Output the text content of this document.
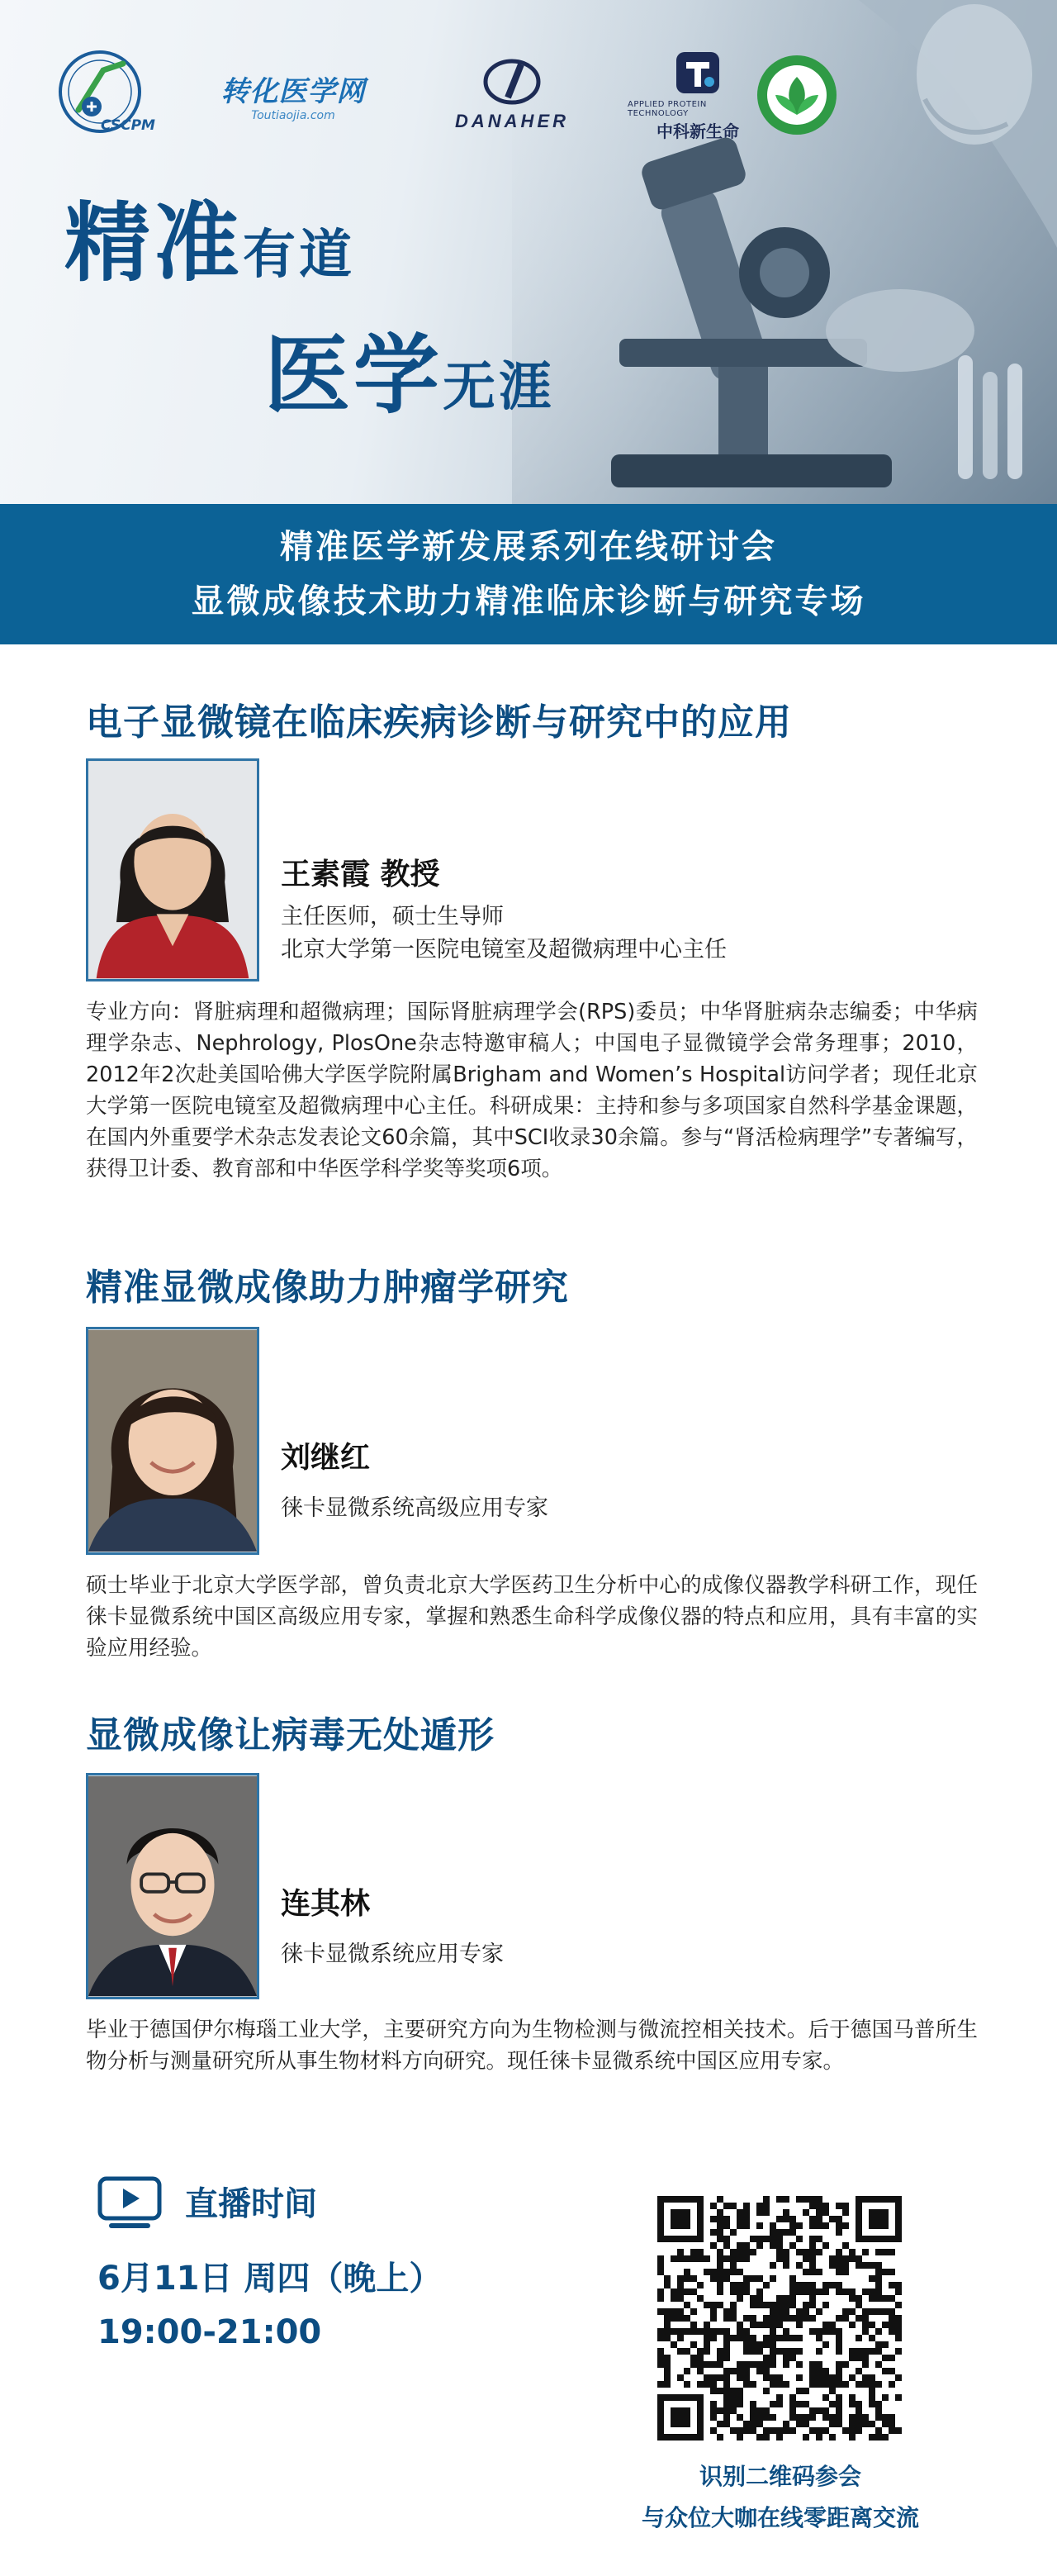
CSCPM
转化医学网
Toutiaojia.com	DANAHER
APPLIED PROTEIN TECHNOLOGY
中科新生命
精准有道
医学无涯
精准医学新发展系列在线研讨会
显微成像技术助力精准临床诊断与研究专场
电子显微镜在临床疾病诊断与研究中的应用
王素霞 教授
主任医师，硕士生导师
北京大学第一医院电镜室及超微病理中心主任
专业方向：肾脏病理和超微病理；国际肾脏病理学会(RPS)委员；中华肾脏病杂志编委；中华病理学杂志、Nephrology, PlosOne杂志特邀审稿人；中国电子显微镜学会常务理事；2010，2012年2次赴美国哈佛大学医学院附属Brigham and Women’s Hospital访问学者；现任北京大学第一医院电镜室及超微病理中心主任。科研成果：主持和参与多项国家自然科学基金课题，在国内外重要学术杂志发表论文60余篇，其中SCI收录30余篇。参与“肾活检病理学”专著编写，获得卫计委、教育部和中华医学科学奖等奖项6项。
精准显微成像助力肿瘤学研究
刘继红
徕卡显微系统高级应用专家
硕士毕业于北京大学医学部，曾负责北京大学医药卫生分析中心的成像仪器教学科研工作，现任徕卡显微系统中国区高级应用专家，掌握和熟悉生命科学成像仪器的特点和应用，具有丰富的实验应用经验。
显微成像让病毒无处遁形
连其林
徕卡显微系统应用专家
毕业于德国伊尔梅瑙工业大学，主要研究方向为生物检测与微流控相关技术。后于德国马普所生物分析与测量研究所从事生物材料方向研究。现任徕卡显微系统中国区应用专家。
直播时间
6月11日 周四（晚上）
19:00-21:00
识别二维码参会
与众位大咖在线零距离交流
